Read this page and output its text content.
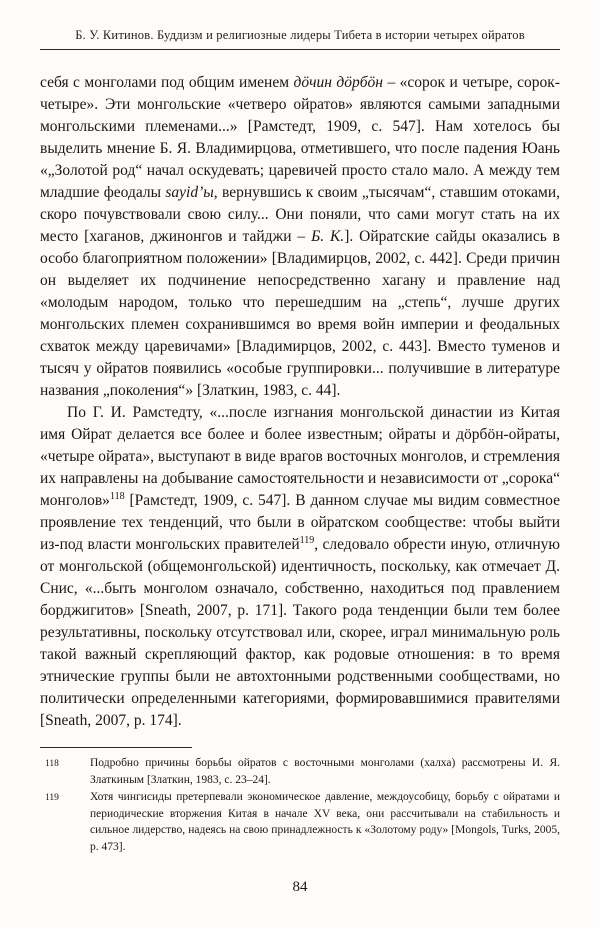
Б. У. Китинов. Буддизм и религиозные лидеры Тибета в истории четырех ойратов

себя с монголами под общим именем дöчин дöрбöн – «сорок и четыре, сорок-четыре». Эти монгольские «четверо ойратов» являются самыми западными монгольскими племенами...» [Рамстедт, 1909, с. 547]. Нам хотелось бы выделить мнение Б. Я. Владимирцова, отметившего, что после падения Юань «„Золотой род“ начал оскудевать; царевичей просто стало мало. А между тем младшие феодалы sayid’ы, вернувшись к своим „тысячам“, ставшим отоками, скоро почувствовали свою силу... Они поняли, что сами могут стать на их место [хаганов, джинонгов и тайджи – Б. К.]. Ойратские сайды оказались в особо благоприятном положении» [Владимирцов, 2002, с. 442]. Среди причин он выделяет их подчинение непосредственно хагану и правление над «молодым народом, только что перешедшим на „степь“, лучше других монгольских племен сохранившимся во время войн империи и феодальных схваток между царевичами» [Владимирцов, 2002, с. 443]. Вместо туменов и тысяч у ойратов появились «особые группировки... получившие в литературе названия „поколения“» [Златкин, 1983, с. 44].

По Г. И. Рамстедту, «...после изгнания монгольской династии из Китая имя Ойрат делается все более и более известным; ойраты и дöрбöн-ойраты, «четыре ойрата», выступают в виде врагов восточных монголов, и стремления их направлены на добывание самостоятельности и независимости от „сорока“ монголов»$^{118}$ [Рамстедт, 1909, с. 547]. В данном случае мы видим совместное проявление тех тенденций, что были в ойратском сообществе: чтобы выйти из-под власти монгольских правителей$^{119}$, следовало обрести иную, отличную от монгольской (общемонгольской) идентичность, поскольку, как отмечает Д. Снис, «...быть монголом означало, собственно, находиться под правлением борджигитов» [Sneath, 2007, p. 171]. Такого рода тенденции были тем более результативны, поскольку отсутствовал или, скорее, играл минимальную роль такой важный скрепляющий фактор, как родовые отношения: в то время этнические группы были не автохтонными родственными сообществами, но политически определенными категориями, формировавшимися правителями [Sneath, 2007, p. 174].

118	Подробно причины борьбы ойратов с восточными монголами (халха) рассмотрены И. Я. Златкиным [Златкин, 1983, с. 23–24].
119	Хотя чингисиды претерпевали экономическое давление, междоусобицу, борьбу с ойратами и периодические вторжения Китая в начале XV века, они рассчитывали на стабильность и сильное лидерство, надеясь на свою принадлежность к «Золотому роду» [Mongols, Turks, 2005, p. 473].
84
